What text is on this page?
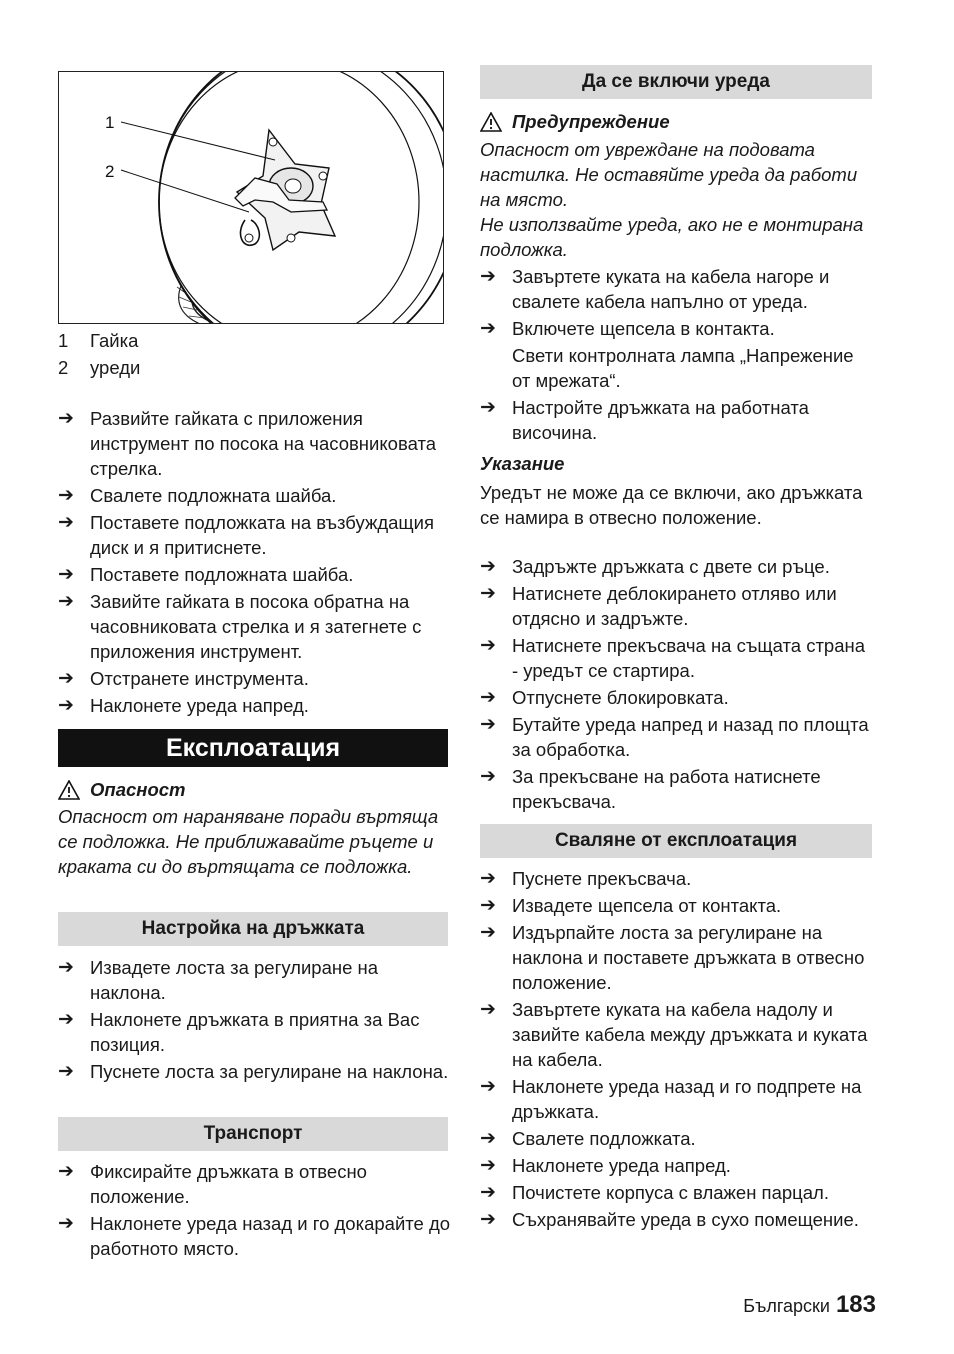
1
2
1	Гайка
2	уреди
➔ Развийте гайката с приложения инструмент по посока на часовниковата стрелка.
➔ Свалете подложната шайба.
➔ Поставете подложката на възбуждащия диск и я притиснете.
➔ Поставете подложната шайба.
➔ Завийте гайката в посока обратна на часовниковата стрелка и я затегнете с приложения инструмент.
➔ Отстранете инструмента.
➔ Наклонете уреда напред.
Експлоатация
Опасност

Опасност от нараняване поради въртяща се подложка. Не приближавайте ръцете и краката си до въртящата се подложка.

Настройка на дръжката
➔ Извадете лоста за регулиране на наклона.
➔ Наклонете дръжката в приятна за Вас позиция.
➔ Пуснете лоста за регулиране на наклона.
Транспорт
➔ Фиксирайте дръжката в отвесно положение.
➔ Наклонете уреда назад и го докарайте до работното място.
Да се включи уреда
Предупреждение

Опасност от увреждане на подовата настилка. Не оставяйте уреда да работи на място.

Не използвайте уреда, ако не е монтирана подложка.

➔ Завъртете куката на кабела нагоре и свалете кабела напълно от уреда.
➔ Включете щепсела в контакта.
Свети контролната лампа „Напрежение от мрежата“.
➔ Настройте дръжката на работната височина.

Указание

Уредът не може да се включи, ако дръжката се намира в отвесно положение.

➔ Задръжте дръжката с двете си ръце.
➔ Натиснете деблокирането отляво или отдясно и задръжте.
➔ Натиснете прекъсвача на същата страна - уредът се стартира.
➔ Отпуснете блокировката.
➔ Бутайте уреда напред и назад по площта за обработка.
➔ За прекъсване на работа натиснете прекъсвача.
Сваляне от експлоатация
➔ Пуснете прекъсвача.
➔ Извадете щепсела от контакта.
➔ Издърпайте лоста за регулиране на наклона и поставете дръжката в отвесно положение.
➔ Завъртете куката на кабела надолу и завийте кабела между дръжката и куката на кабела.
➔ Наклонете уреда назад и го подпрете на дръжката.
➔ Свалете подложката.
➔ Наклонете уреда напред.
➔ Почистете корпуса с влажен парцал.
➔ Съхранявайте уреда в сухо помещение.
Български 183
